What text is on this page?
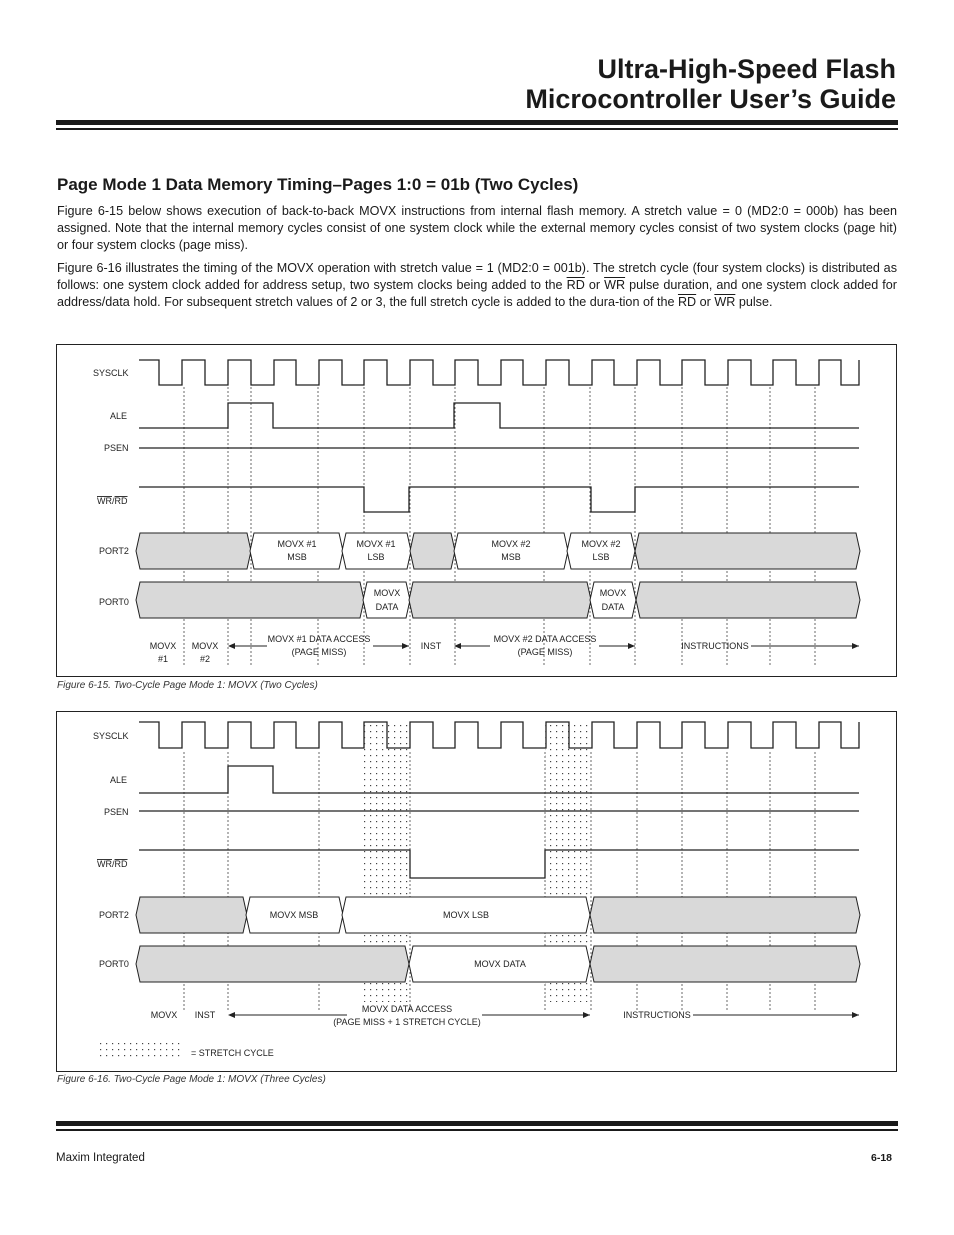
Ultra-High-Speed Flash
Microcontroller User’s Guide
Page Mode 1 Data Memory Timing–Pages 1:0 = 01b (Two Cycles)

Figure 6-15 below shows execution of back-to-back MOVX instructions from internal flash memory. A stretch value = 0 (MD2:0 = 000b) has been assigned. Note that the internal memory cycles consist of one system clock while the external memory cycles consist of two system clocks (page hit) or four system clocks (page miss).

Figure 6-16 illustrates the timing of the MOVX operation with stretch value = 1 (MD2:0 = 001b). The stretch cycle (four system clocks) is distributed as follows: one system clock added for address setup, two system clocks being added to the $\overline{RD}$ or $\overline{WR}$ pulse duration, and one system clock added for address/data hold. For subsequent stretch values of 2 or 3, the full stretch cycle is added to the dura-tion of the $\overline{RD}$ or $\overline{WR}$ pulse.

SYSCLK
ALE
PSEN
WR/RD
PORT2
PORT0
MOVX #1
MSB
MOVX #1
LSB
MOVX #2
MSB
MOVX #2
LSB
MOVX
DATA
MOVX
DATA
MOVX
#1
MOVX
#2
MOVX #1 DATA ACCESS
(PAGE MISS)
INST
MOVX #2 DATA ACCESS
(PAGE MISS)
INSTRUCTIONS
Figure 6-15. Two-Cycle Page Mode 1: MOVX (Two Cycles)
SYSCLK
ALE
PSEN
WR/RD
PORT2
PORT0
MOVX MSB	MOVX LSB
MOVX DATA
MOVX INST
MOVX DATA ACCESS
(PAGE MISS + 1 STRETCH CYCLE)
INSTRUCTIONS
= STRETCH CYCLE
Figure 6-16. Two-Cycle Page Mode 1: MOVX (Three Cycles)
Maxim Integrated	6-18
